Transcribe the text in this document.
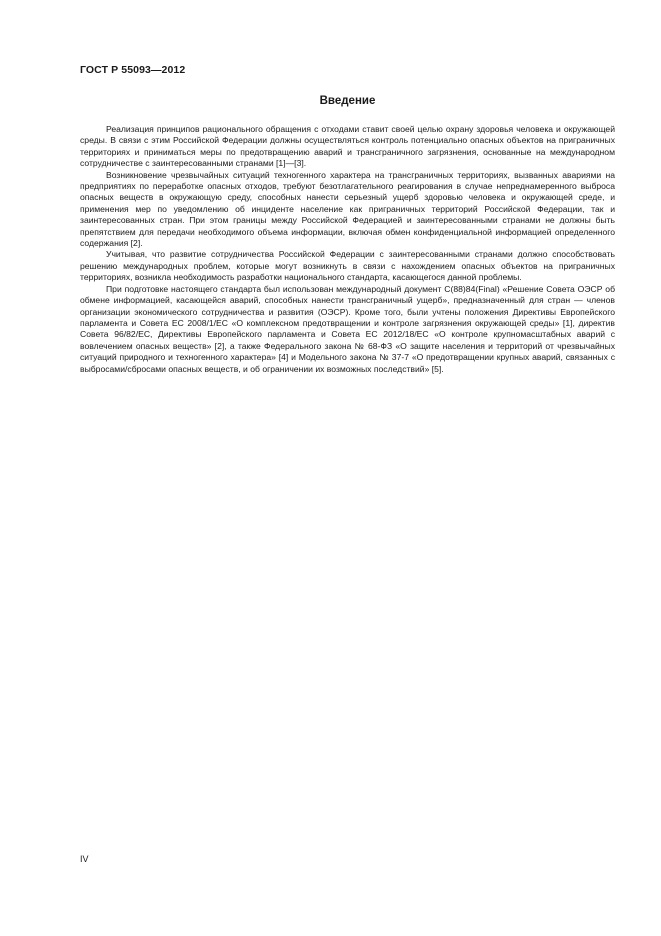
ГОСТ Р 55093—2012
Введение

Реализация принципов рационального обращения с отходами ставит своей целью охрану здоровья человека и окружающей среды. В связи с этим Российской Федерации должны осуществляться контроль потенциально опасных объектов на приграничных территориях и приниматься меры по предотвращению аварий и трансграничного загрязнения, основанные на международном сотрудничестве с заинтересованными странами [1]—[3].

Возникновение чрезвычайных ситуаций техногенного характера на трансграничных территориях, вызванных авариями на предприятиях по переработке опасных отходов, требуют безотлагательного реагирования в случае непреднамеренного выброса опасных веществ в окружающую среду, способных нанести серьезный ущерб здоровью человека и окружающей среде, и применения мер по уведомлению об инциденте население как приграничных территорий Российской Федерации, так и заинтересованных стран. При этом границы между Российской Федерацией и заинтересованными странами не должны быть препятствием для передачи необходимого объема информации, включая обмен конфиденциальной информацией определенного содержания [2].

Учитывая, что развитие сотрудничества Российской Федерации с заинтересованными странами должно способствовать решению международных проблем, которые могут возникнуть в связи с нахождением опасных объектов на приграничных территориях, возникла необходимость разработки национального стандарта, касающегося данной проблемы.

При подготовке настоящего стандарта был использован международный документ С(88)84(Final) «Решение Совета ОЭСР об обмене информацией, касающейся аварий, способных нанести трансграничный ущерб», предназначенный для стран — членов организации экономического сотрудничества и развития (ОЭСР). Кроме того, были учтены положения Директивы Европейского парламента и Совета ЕС 2008/1/ЕС «О комплексном предотвращении и контроле загрязнения окружающей среды» [1], директив Совета 96/82/ЕС, Директивы Европейского парламента и Совета ЕС 2012/18/ЕС «О контроле крупномасштабных аварий с вовлечением опасных веществ» [2], а также Федерального закона № 68-ФЗ «О защите населения и территорий от чрезвычайных ситуаций природного и техногенного характера» [4] и Модельного закона № 37-7 «О предотвращении крупных аварий, связанных с выбросами/сбросами опасных веществ, и об ограничении их возможных последствий» [5].

IV
